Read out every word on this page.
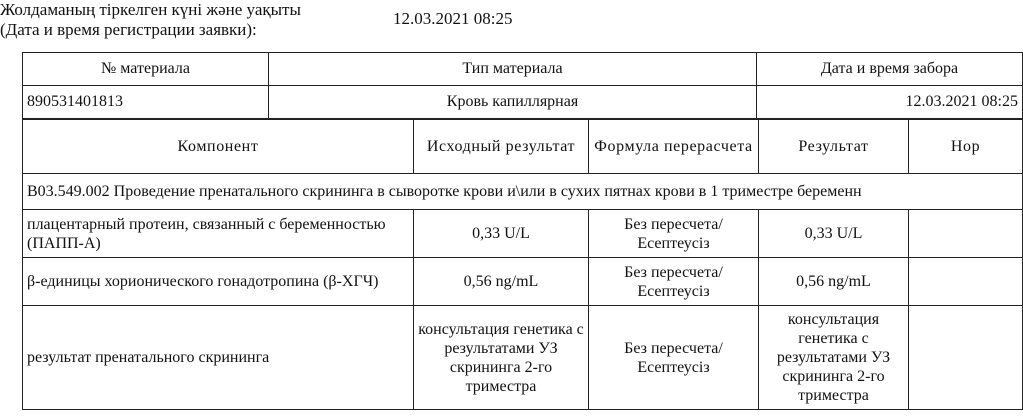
Жолдаманың тіркелген күні және уақыты
(Дата и время регистрации заявки):
12.03.2021 08:25
№ материала	Тип материала	Дата и время забора
890531401813	Кровь капиллярная	12.03.2021 08:25
Компонент	Исходный результат	Формула перерасчета	Результат	Нор
B03.549.002 Проведение пренатального скрининга в сыворотке крови и\или в сухих пятнах крови в 1 триместре беременн				
плацентарный протеин, связанный с беременностью (ПАПП-А)	0,33 U/L	Без пересчета/ Есептеусіз	0,33 U/L	
β-единицы хорионического гонадотропина (β-ХГЧ)	0,56 ng/mL	Без пересчета/ Есептеусіз	0,56 ng/mL	
результат пренатального скрининга	консультация генетика с результатами УЗ скрининга 2-го триместра	Без пересчета/ Есептеусіз	консультация генетика с результатами УЗ скрининга 2-го триместра	
